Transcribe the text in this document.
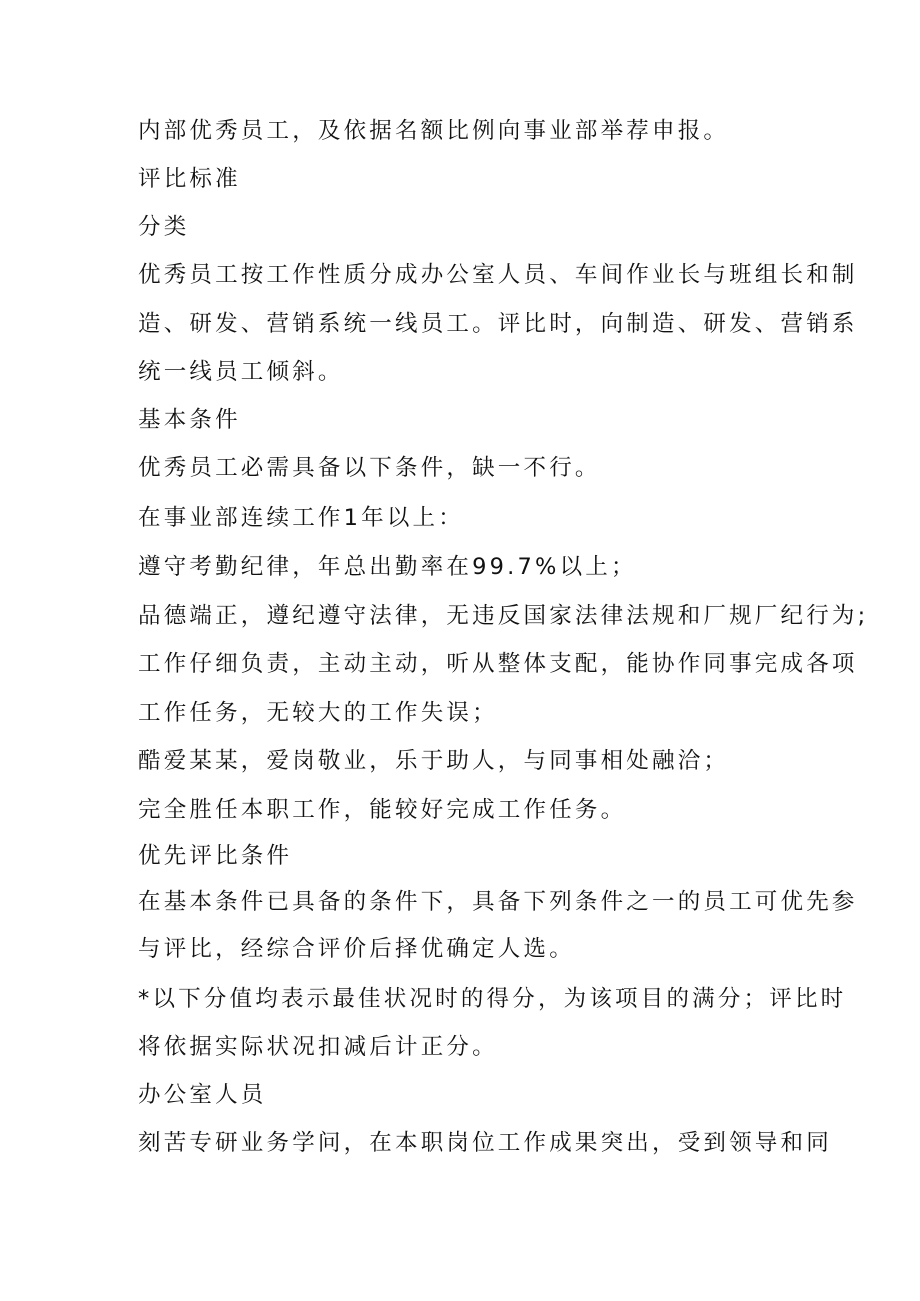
内部优秀员工，及依据名额比例向事业部举荐申报。
评比标准
分类
优秀员工按工作性质分成办公室人员、车间作业长与班组长和制
造、研发、营销系统一线员工。评比时，向制造、研发、营销系
统一线员工倾斜。
基本条件
优秀员工必需具备以下条件，缺一不行。
在事业部连续工作1年以上：
遵守考勤纪律，年总出勤率在99.7%以上；
品德端正，遵纪遵守法律，无违反国家法律法规和厂规厂纪行为;
工作仔细负责，主动主动，听从整体支配，能协作同事完成各项
工作任务，无较大的工作失误；
酷爱某某，爱岗敬业，乐于助人，与同事相处融洽；
完全胜任本职工作，能较好完成工作任务。
优先评比条件
在基本条件已具备的条件下，具备下列条件之一的员工可优先参
与评比，经综合评价后择优确定人选。
*以下分值均表示最佳状况时的得分，为该项目的满分；评比时
将依据实际状况扣减后计正分。
办公室人员
刻苦专研业务学问，在本职岗位工作成果突出，受到领导和同
